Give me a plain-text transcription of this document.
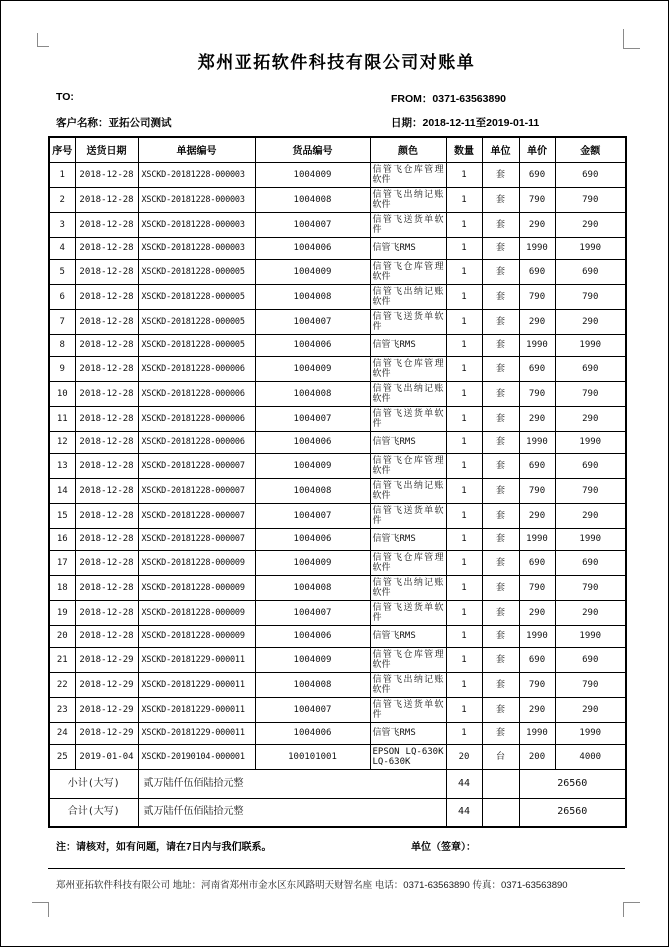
郑州亚拓软件科技有限公司对账单
TO:	FROM：0371-63563890
客户名称：亚拓公司测试	日期：2018-12-11至2019-01-11
序号	送货日期	单据编号	货品编号	颜色	数量	单位	单价	金额
1	2018-12-28	XSCKD-20181228-000003	1004009	信管飞仓库管理软件	1	套	690	690
2	2018-12-28	XSCKD-20181228-000003	1004008	信管飞出纳记账软件	1	套	790	790
3	2018-12-28	XSCKD-20181228-000003	1004007	信管飞送货单软件	1	套	290	290
4	2018-12-28	XSCKD-20181228-000003	1004006	信管飞RMS	1	套	1990	1990
5	2018-12-28	XSCKD-20181228-000005	1004009	信管飞仓库管理软件	1	套	690	690
6	2018-12-28	XSCKD-20181228-000005	1004008	信管飞出纳记账软件	1	套	790	790
7	2018-12-28	XSCKD-20181228-000005	1004007	信管飞送货单软件	1	套	290	290
8	2018-12-28	XSCKD-20181228-000005	1004006	信管飞RMS	1	套	1990	1990
9	2018-12-28	XSCKD-20181228-000006	1004009	信管飞仓库管理软件	1	套	690	690
10	2018-12-28	XSCKD-20181228-000006	1004008	信管飞出纳记账软件	1	套	790	790
11	2018-12-28	XSCKD-20181228-000006	1004007	信管飞送货单软件	1	套	290	290
12	2018-12-28	XSCKD-20181228-000006	1004006	信管飞RMS	1	套	1990	1990
13	2018-12-28	XSCKD-20181228-000007	1004009	信管飞仓库管理软件	1	套	690	690
14	2018-12-28	XSCKD-20181228-000007	1004008	信管飞出纳记账软件	1	套	790	790
15	2018-12-28	XSCKD-20181228-000007	1004007	信管飞送货单软件	1	套	290	290
16	2018-12-28	XSCKD-20181228-000007	1004006	信管飞RMS	1	套	1990	1990
17	2018-12-28	XSCKD-20181228-000009	1004009	信管飞仓库管理软件	1	套	690	690
18	2018-12-28	XSCKD-20181228-000009	1004008	信管飞出纳记账软件	1	套	790	790
19	2018-12-28	XSCKD-20181228-000009	1004007	信管飞送货单软件	1	套	290	290
20	2018-12-28	XSCKD-20181228-000009	1004006	信管飞RMS	1	套	1990	1990
21	2018-12-29	XSCKD-20181229-000011	1004009	信管飞仓库管理软件	1	套	690	690
22	2018-12-29	XSCKD-20181229-000011	1004008	信管飞出纳记账软件	1	套	790	790
23	2018-12-29	XSCKD-20181229-000011	1004007	信管飞送货单软件	1	套	290	290
24	2018-12-29	XSCKD-20181229-000011	1004006	信管飞RMS	1	套	1990	1990
25	2019-01-04	XSCKD-20190104-000001	100101001	EPSON LQ-630K LQ-630K	20	台	200	4000
小计(大写)		贰万陆仟伍佰陆拾元整			44		26560	
合计(大写)		贰万陆仟伍佰陆拾元整			44		26560	
注：请核对，如有问题，请在7日内与我们联系。	单位（签章）：
郑州亚拓软件科技有限公司 地址：河南省郑州市金水区东风路明天财智名座 电话：0371-63563890 传真：0371-63563890
